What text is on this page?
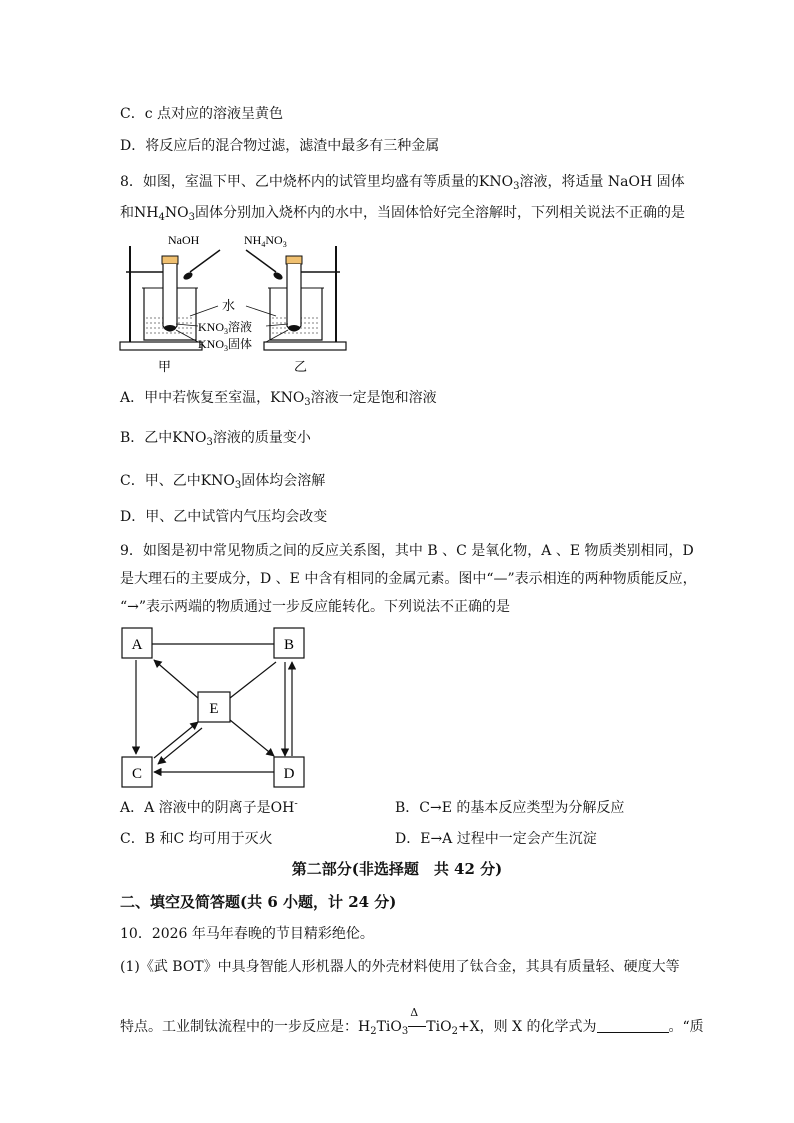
C．c 点对应的溶液呈黄色
D．将反应后的混合物过滤，滤渣中最多有三种金属
8．如图，室温下甲、乙中烧杯内的试管里均盛有等质量的$KNO_3$溶液，将适量 NaOH 固体
和$NH_4NO_3$固体分别加入烧杯内的水中，当固体恰好完全溶解时，下列相关说法不正确的是
NaOH	$NH_4NO_3$
水
$KNO_3$溶液
$KNO_3$固体
甲	乙
A．甲中若恢复至室温，$KNO_3$溶液一定是饱和溶液
B．乙中$KNO_3$溶液的质量变小
C．甲、乙中$KNO_3$固体均会溶解
D．甲、乙中试管内气压均会改变
9．如图是初中常见物质之间的反应关系图，其中 B 、C 是氧化物，A 、E 物质类别相同，D
是大理石的主要成分，D 、E 中含有相同的金属元素。图中“—”表示相连的两种物质能反应，
“→”表示两端的物质通过一步反应能转化。下列说法不正确的是
A	B
E
C	D
A．A 溶液中的阴离子是OH-	B．C→E 的基本反应类型为分解反应
C．B 和C 均可用于灭火	D．E→A 过程中一定会产生沉淀
第二部分(非选择题　共 42 分)
二、填空及简答题(共 6 小题，计 24 分)
10．2026 年马年春晚的节目精彩绝伦。
(1)《武 BOT》中具身智能人形机器人的外壳材料使用了钛合金，其具有质量轻、硬度大等
特点。工业制钛流程中的一步反应是：$H_2TiO_3$
Δ
TiO$_2$+X，则 X 的化学式为	。“质
